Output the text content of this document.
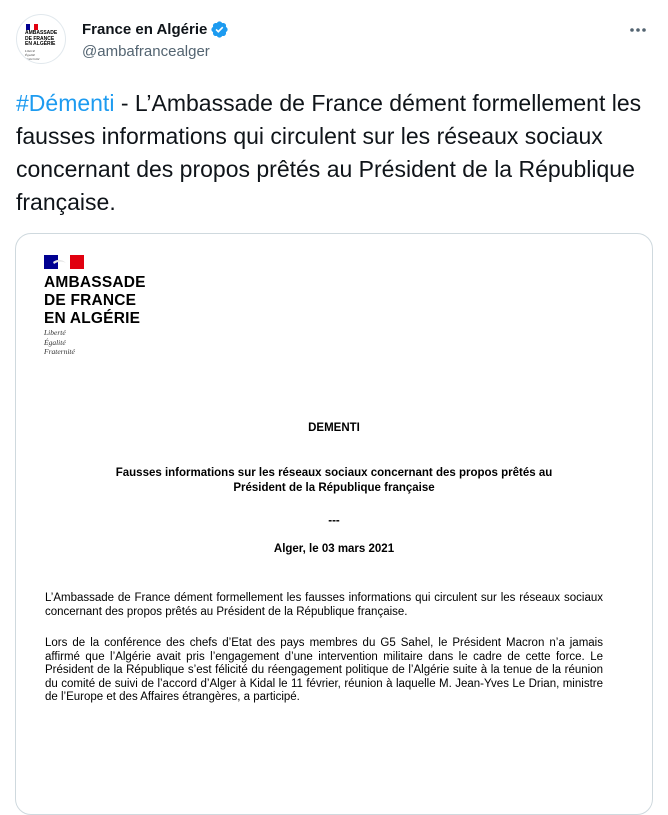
AMBASSADE
DE FRANCE
EN ALGÉRIE
Liberté
Égalité
Fraternité
France en Algérie
@ambafrancealger
#Démenti - L’Ambassade de France dément formellement les fausses informations qui circulent sur les réseaux sociaux concernant des propos prêtés au Président de la République française.
AMBASSADE
DE FRANCE
EN ALGÉRIE
Liberté
Égalité
Fraternité
DEMENTI
Fausses informations sur les réseaux sociaux concernant des propos prêtés au
Président de la République française
---
Alger, le 03 mars 2021
L’Ambassade de France dément formellement les fausses informations qui circulent sur les réseaux sociaux concernant des propos prêtés au Président de la République française.
Lors de la conférence des chefs d’Etat des pays membres du G5 Sahel, le Président Macron n’a jamais affirmé que l’Algérie avait pris l’engagement d’une intervention militaire dans le cadre de cette force. Le Président de la République s’est félicité du réengagement politique de l’Algérie suite à la tenue de la réunion du comité de suivi de l’accord d’Alger à Kidal le 11 février, réunion à laquelle M. Jean-Yves Le Drian, ministre de l’Europe et des Affaires étrangères, a participé.
